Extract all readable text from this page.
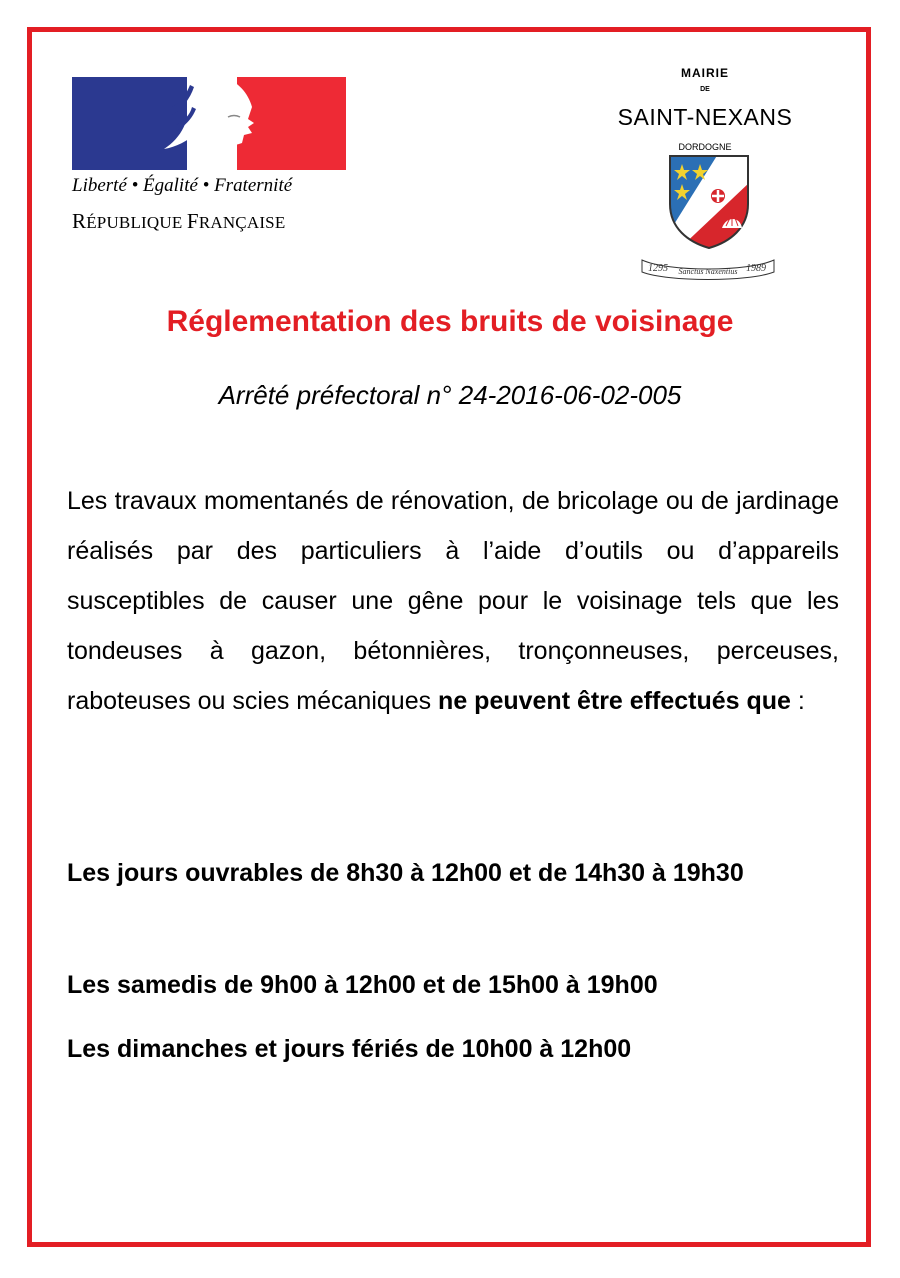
Liberté • Égalité • Fraternité
RÉPUBLIQUE FRANÇAISE
MAIRIE
DE
SAINT-NEXANS
DORDOGNE
1295 Sanctus Naxentius 1989
Réglementation des bruits de voisinage
Arrêté préfectoral n° 24-2016-06-02-005

Les travaux momentanés de rénovation, de bricolage ou de jardinage réalisés par des particuliers à l’aide d’outils ou d’appareils susceptibles de causer une gêne pour le voisinage tels que les tondeuses à gazon, bétonnières, tronçonneuses, perceuses, raboteuses ou scies mécaniques ne peuvent être effectués que :

Les jours ouvrables de 8h30 à 12h00 et de 14h30 à 19h30

Les samedis de 9h00 à 12h00 et de 15h00 à 19h00

Les dimanches et jours fériés de 10h00 à 12h00
